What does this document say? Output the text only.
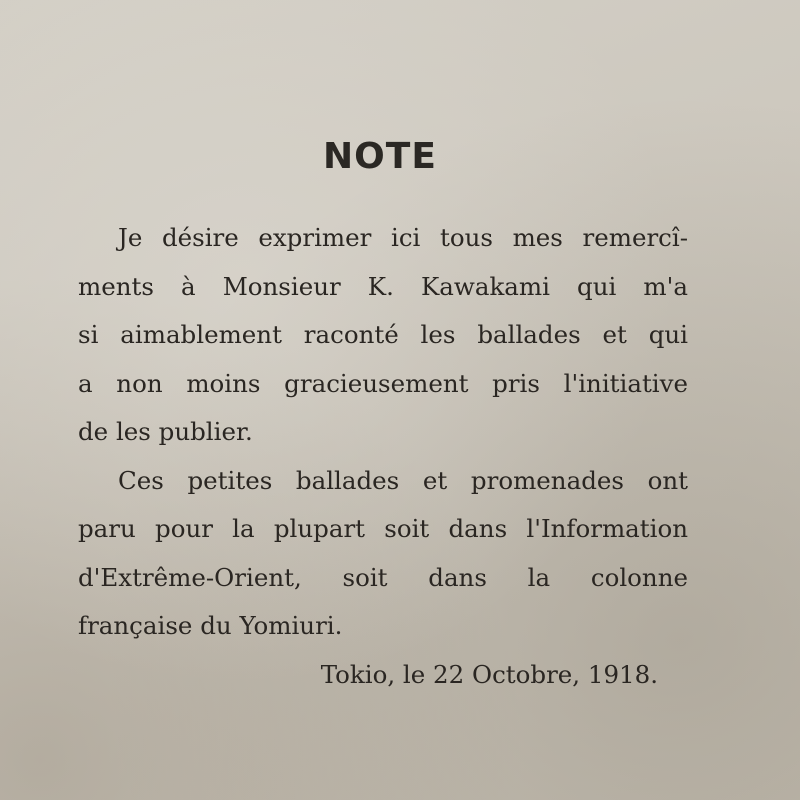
NOTE
Je désire exprimer ici tous mes remercî-
ments à Monsieur K. Kawakami qui m'a
si aimablement raconté les ballades et qui
a non moins gracieusement pris l'initiative
de les publier.
Ces petites ballades et promenades ont
paru pour la plupart soit dans l'Information
d'Extrême-Orient, soit dans la colonne
française du Yomiuri.
Tokio, le 22 Octobre, 1918.
